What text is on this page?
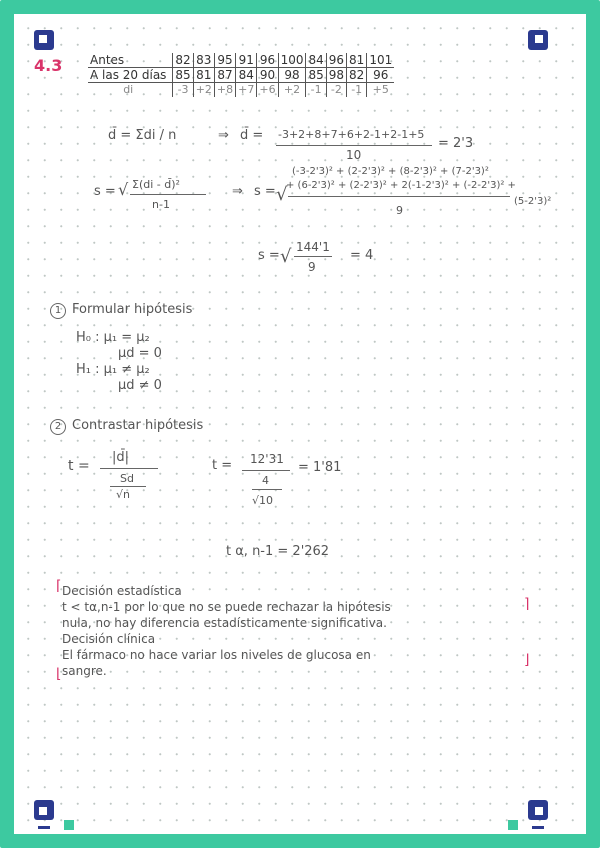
4.3 Antes	82	83	95	91	96	100	84	96	81	101
A las 20 días	85	81	87	84	90	98	85	98	82	96
di	-3	+2	+8	+7	+6	+2	-1	-2	-1	+5
d̄ = Σdi / n	⇒ d̄ = -3+2+8+7+6+2-1+2-1+5
10
= 2'3
s = √ Σ(di - d̄)²
n-1
⇒ s = √
(-3-2'3)² + (2-2'3)² + (8-2'3)² + (7-2'3)²
+ (6-2'3)² + (2-2'3)² + 2(-1-2'3)² + (-2-2'3)² +
(5-2'3)²
9
s = √ 144'1
9
= 4
1 Formular hipótesis
H₀ : μ₁ = μ₂
μd = 0
H₁ : μ₁ ≠ μ₂
μd ≠ 0
2 Contrastar hipótesis
t =
|d̄|
Sd
√n
t = 12'31
4
√10
= 1'81
t α, n-1 = 2'262
⌈ Decisión estadística
t < tα,n-1 por lo que no se puede rechazar la hipótesis
nula, no hay diferencia estadísticamente significativa.
Decisión clínica
El fármaco no hace variar los niveles de glucosa en
sangre.
⌉
⌋
⌊
